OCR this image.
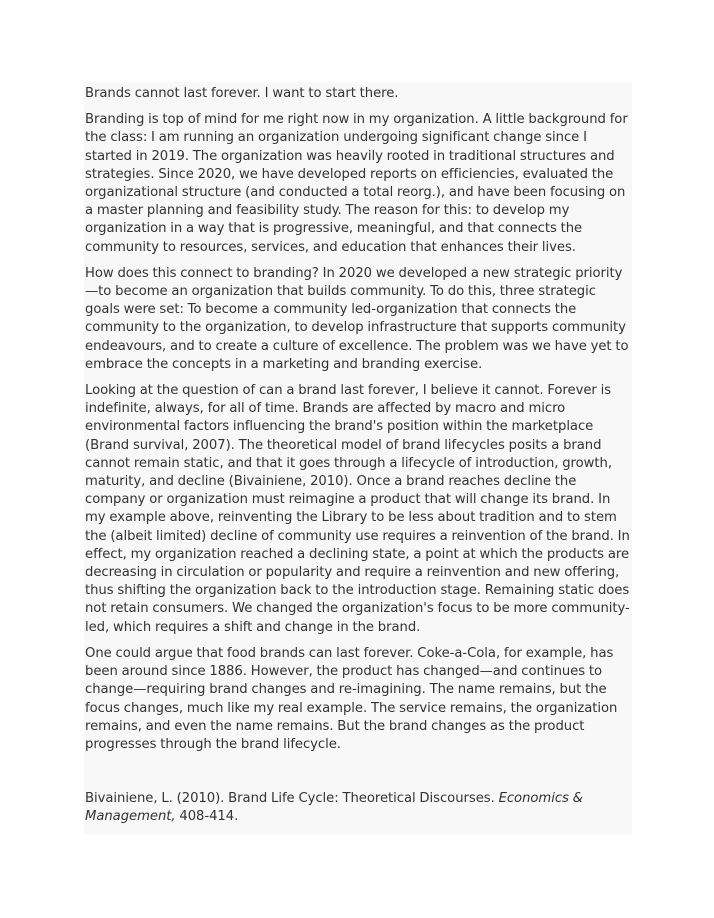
Brands cannot last forever. I want to start there.

Branding is top of mind for me right now in my organization. A little background for the class: I am running an organization undergoing significant change since I started in 2019. The organization was heavily rooted in traditional structures and strategies. Since 2020, we have developed reports on efficiencies, evaluated the organizational structure (and conducted a total reorg.), and have been focusing on a master planning and feasibility study. The reason for this: to develop my organization in a way that is progressive, meaningful, and that connects the community to resources, services, and education that enhances their lives.

How does this connect to branding? In 2020 we developed a new strategic priority—to become an organization that builds community. To do this, three strategic goals were set: To become a community led-organization that connects the community to the organization, to develop infrastructure that supports community endeavours, and to create a culture of excellence. The problem was we have yet to embrace the concepts in a marketing and branding exercise.

Looking at the question of can a brand last forever, I believe it cannot. Forever is indefinite, always, for all of time. Brands are affected by macro and micro environmental factors influencing the brand's position within the marketplace (Brand survival, 2007). The theoretical model of brand lifecycles posits a brand cannot remain static, and that it goes through a lifecycle of introduction, growth, maturity, and decline (Bivainiene, 2010). Once a brand reaches decline the company or organization must reimagine a product that will change its brand. In my example above, reinventing the Library to be less about tradition and to stem the (albeit limited) decline of community use requires a reinvention of the brand. In effect, my organization reached a declining state, a point at which the products are decreasing in circulation or popularity and require a reinvention and new offering, thus shifting the organization back to the introduction stage. Remaining static does not retain consumers. We changed the organization's focus to be more community-led, which requires a shift and change in the brand.

One could argue that food brands can last forever. Coke-a-Cola, for example, has been around since 1886. However, the product has changed—and continues to change—requiring brand changes and re-imagining. The name remains, but the focus changes, much like my real example. The service remains, the organization remains, and even the name remains. But the brand changes as the product progresses through the brand lifecycle.

Bivainiene, L. (2010). Brand Life Cycle: Theoretical Discourses. Economics & Management, 408-414.
